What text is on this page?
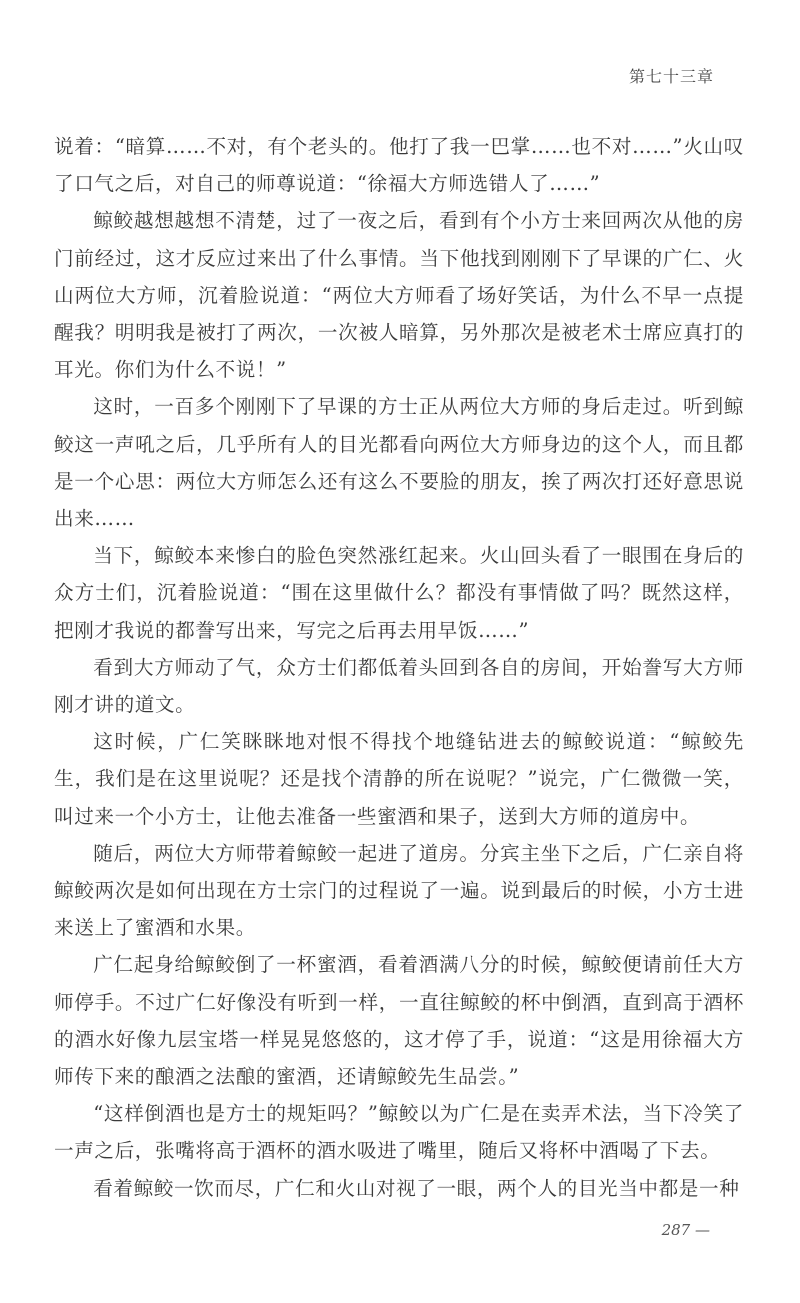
第七十三章

说着：“暗算……不对，有个老头的。他打了我一巴掌……也不对……”火山叹了口气之后，对自己的师尊说道：“徐福大方师选错人了……”

鲸鲛越想越想不清楚，过了一夜之后，看到有个小方士来回两次从他的房门前经过，这才反应过来出了什么事情。当下他找到刚刚下了早课的广仁、火山两位大方师，沉着脸说道：“两位大方师看了场好笑话，为什么不早一点提醒我？明明我是被打了两次，一次被人暗算，另外那次是被老术士席应真打的耳光。你们为什么不说！”

这时，一百多个刚刚下了早课的方士正从两位大方师的身后走过。听到鲸鲛这一声吼之后，几乎所有人的目光都看向两位大方师身边的这个人，而且都是一个心思：两位大方师怎么还有这么不要脸的朋友，挨了两次打还好意思说出来……

当下，鲸鲛本来惨白的脸色突然涨红起来。火山回头看了一眼围在身后的众方士们，沉着脸说道：“围在这里做什么？都没有事情做了吗？既然这样，把刚才我说的都誊写出来，写完之后再去用早饭……”

看到大方师动了气，众方士们都低着头回到各自的房间，开始誊写大方师刚才讲的道文。

这时候，广仁笑眯眯地对恨不得找个地缝钻进去的鲸鲛说道：“鲸鲛先生，我们是在这里说呢？还是找个清静的所在说呢？”说完，广仁微微一笑，叫过来一个小方士，让他去准备一些蜜酒和果子，送到大方师的道房中。

随后，两位大方师带着鲸鲛一起进了道房。分宾主坐下之后，广仁亲自将鲸鲛两次是如何出现在方士宗门的过程说了一遍。说到最后的时候，小方士进来送上了蜜酒和水果。

广仁起身给鲸鲛倒了一杯蜜酒，看着酒满八分的时候，鲸鲛便请前任大方师停手。不过广仁好像没有听到一样，一直往鲸鲛的杯中倒酒，直到高于酒杯的酒水好像九层宝塔一样晃晃悠悠的，这才停了手，说道：“这是用徐福大方师传下来的酿酒之法酿的蜜酒，还请鲸鲛先生品尝。”

“这样倒酒也是方士的规矩吗？”鲸鲛以为广仁是在卖弄术法，当下冷笑了一声之后，张嘴将高于酒杯的酒水吸进了嘴里，随后又将杯中酒喝了下去。

看着鲸鲛一饮而尽，广仁和火山对视了一眼，两个人的目光当中都是一种

287 —
